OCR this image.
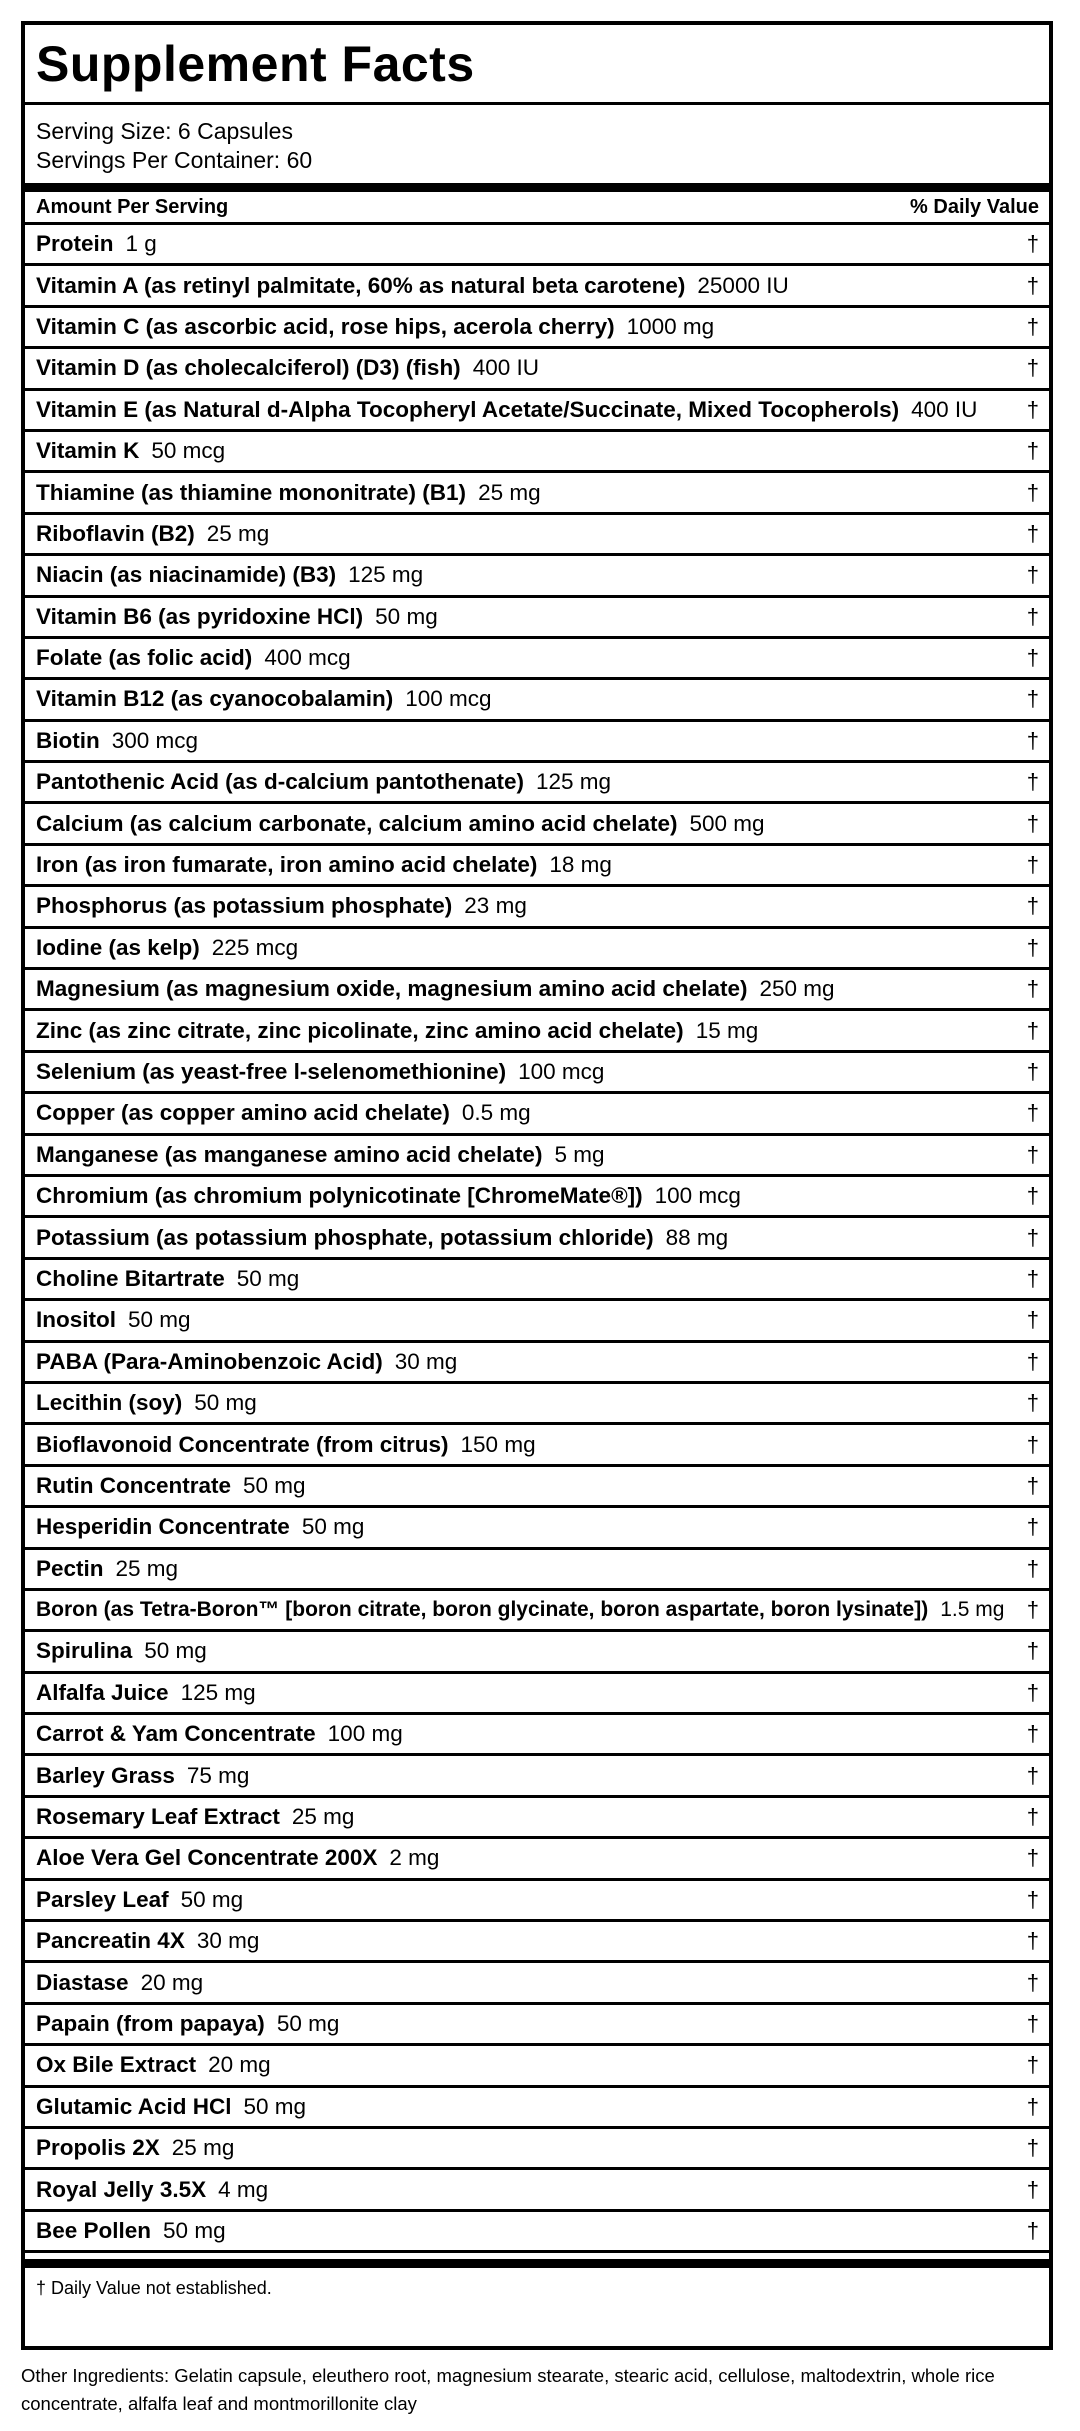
Supplement Facts
Serving Size: 6 Capsules
Servings Per Container: 60
Amount Per Serving	% Daily Value
Protein 1 g	†
Vitamin A (as retinyl palmitate, 60% as natural beta carotene) 25000 IU	†
Vitamin C (as ascorbic acid, rose hips, acerola cherry) 1000 mg	†
Vitamin D (as cholecalciferol) (D3) (fish) 400 IU	†
Vitamin E (as Natural d-Alpha Tocopheryl Acetate/Succinate, Mixed Tocopherols) 400 IU †
Vitamin K 50 mcg	†
Thiamine (as thiamine mononitrate) (B1) 25 mg	†
Riboflavin (B2) 25 mg	†
Niacin (as niacinamide) (B3) 125 mg	†
Vitamin B6 (as pyridoxine HCl) 50 mg	†
Folate (as folic acid) 400 mcg	†
Vitamin B12 (as cyanocobalamin) 100 mcg	†
Biotin 300 mcg	†
Pantothenic Acid (as d-calcium pantothenate) 125 mg	†
Calcium (as calcium carbonate, calcium amino acid chelate) 500 mg	†
Iron (as iron fumarate, iron amino acid chelate) 18 mg	†
Phosphorus (as potassium phosphate) 23 mg	†
Iodine (as kelp) 225 mcg	†
Magnesium (as magnesium oxide, magnesium amino acid chelate) 250 mg	†
Zinc (as zinc citrate, zinc picolinate, zinc amino acid chelate) 15 mg	†
Selenium (as yeast-free l-selenomethionine) 100 mcg	†
Copper (as copper amino acid chelate) 0.5 mg	†
Manganese (as manganese amino acid chelate) 5 mg	†
Chromium (as chromium polynicotinate [ChromeMate®]) 100 mcg	†
Potassium (as potassium phosphate, potassium chloride) 88 mg	†
Choline Bitartrate 50 mg	†
Inositol 50 mg	†
PABA (Para-Aminobenzoic Acid) 30 mg	†
Lecithin (soy) 50 mg	†
Bioflavonoid Concentrate (from citrus) 150 mg	†
Rutin Concentrate 50 mg	†
Hesperidin Concentrate 50 mg	†
Pectin 25 mg	†
Boron (as Tetra-Boron™ [boron citrate, boron glycinate, boron aspartate, boron lysinate]) 1.5 mg †
Spirulina 50 mg	†
Alfalfa Juice 125 mg	†
Carrot & Yam Concentrate 100 mg	†
Barley Grass 75 mg	†
Rosemary Leaf Extract 25 mg	†
Aloe Vera Gel Concentrate 200X 2 mg	†
Parsley Leaf 50 mg	†
Pancreatin 4X 30 mg	†
Diastase 20 mg	†
Papain (from papaya) 50 mg	†
Ox Bile Extract 20 mg	†
Glutamic Acid HCl 50 mg	†
Propolis 2X 25 mg	†
Royal Jelly 3.5X 4 mg	†
Bee Pollen 50 mg	†
† Daily Value not established.
Other Ingredients: Gelatin capsule, eleuthero root, magnesium stearate, stearic acid, cellulose, maltodextrin, whole rice concentrate, alfalfa leaf and montmorillonite clay
